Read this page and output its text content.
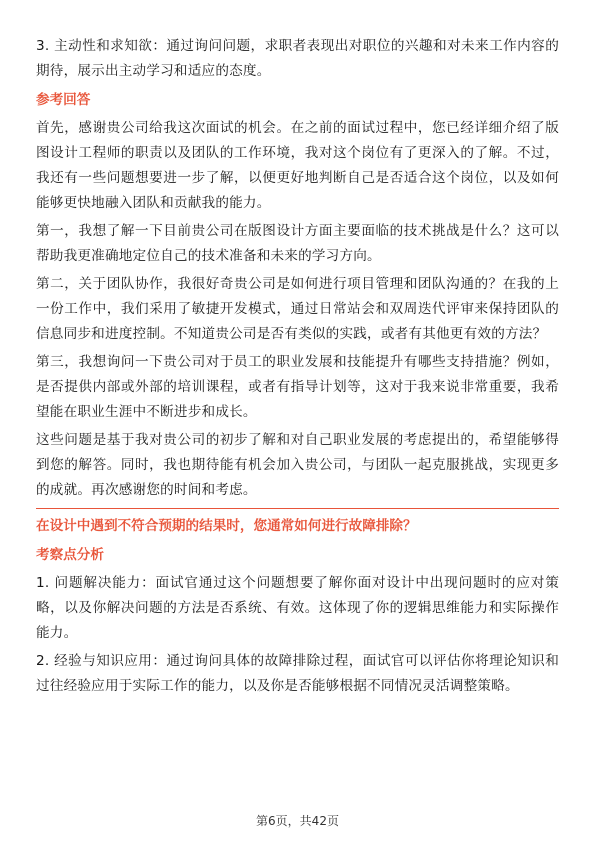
3. 主动性和求知欲：通过询问问题，求职者表现出对职位的兴趣和对未来工作内容的期待，展示出主动学习和适应的态度。

参考回答

首先，感谢贵公司给我这次面试的机会。在之前的面试过程中，您已经详细介绍了版图设计工程师的职责以及团队的工作环境，我对这个岗位有了更深入的了解。不过，我还有一些问题想要进一步了解，以便更好地判断自己是否适合这个岗位，以及如何能够更快地融入团队和贡献我的能力。

第一，我想了解一下目前贵公司在版图设计方面主要面临的技术挑战是什么？这可以帮助我更准确地定位自己的技术准备和未来的学习方向。

第二，关于团队协作，我很好奇贵公司是如何进行项目管理和团队沟通的？在我的上一份工作中，我们采用了敏捷开发模式，通过日常站会和双周迭代评审来保持团队的信息同步和进度控制。不知道贵公司是否有类似的实践，或者有其他更有效的方法？

第三，我想询问一下贵公司对于员工的职业发展和技能提升有哪些支持措施？例如，是否提供内部或外部的培训课程，或者有指导计划等，这对于我来说非常重要，我希望能在职业生涯中不断进步和成长。

这些问题是基于我对贵公司的初步了解和对自己职业发展的考虑提出的，希望能够得到您的解答。同时，我也期待能有机会加入贵公司，与团队一起克服挑战，实现更多的成就。再次感谢您的时间和考虑。

在设计中遇到不符合预期的结果时，您通常如何进行故障排除？
考察点分析

1. 问题解决能力：面试官通过这个问题想要了解你面对设计中出现问题时的应对策略，以及你解决问题的方法是否系统、有效。这体现了你的逻辑思维能力和实际操作能力。

2. 经验与知识应用：通过询问具体的故障排除过程，面试官可以评估你将理论知识和过往经验应用于实际工作的能力，以及你是否能够根据不同情况灵活调整策略。

第6页，共42页
